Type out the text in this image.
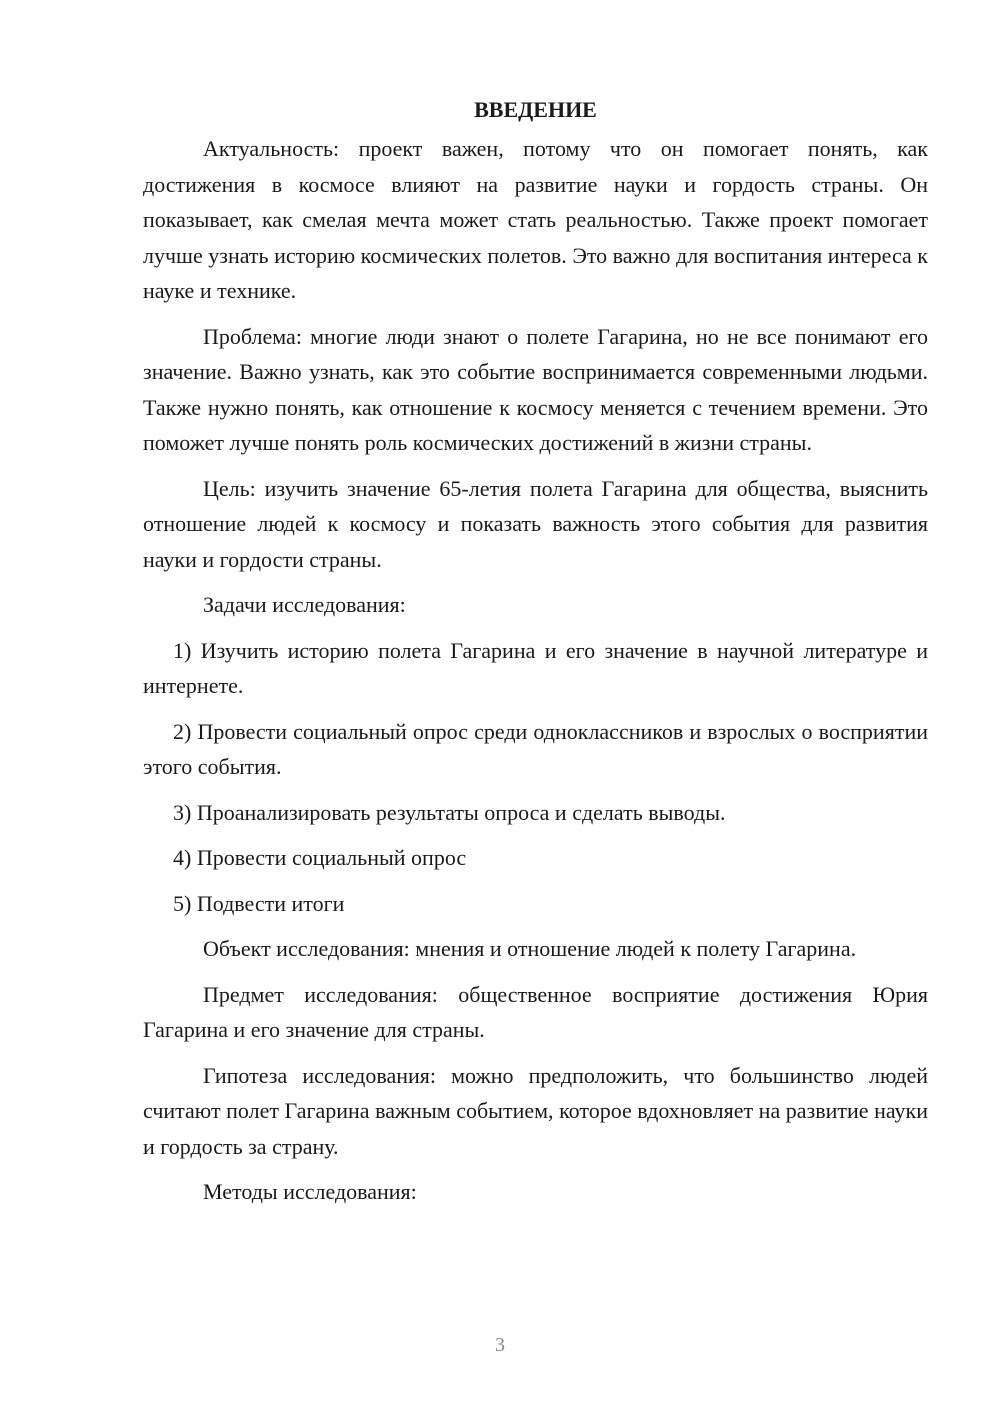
ВВЕДЕНИЕ

Актуальность: проект важен, потому что он помогает понять, как достижения в космосе влияют на развитие науки и гордость страны. Он показывает, как смелая мечта может стать реальностью. Также проект помогает лучше узнать историю космических полетов. Это важно для воспитания интереса к науке и технике.

Проблема: многие люди знают о полете Гагарина, но не все понимают его значение. Важно узнать, как это событие воспринимается современными людьми. Также нужно понять, как отношение к космосу меняется с течением времени. Это поможет лучше понять роль космических достижений в жизни страны.

Цель: изучить значение 65-летия полета Гагарина для общества, выяснить отношение людей к космосу и показать важность этого события для развития науки и гордости страны.

Задачи исследования:

1) Изучить историю полета Гагарина и его значение в научной литературе и интернете.

2) Провести социальный опрос среди одноклассников и взрослых о восприятии этого события.

3) Проанализировать результаты опроса и сделать выводы.

4) Провести социальный опрос

5) Подвести итоги

Объект исследования: мнения и отношение людей к полету Гагарина.

Предмет исследования: общественное восприятие достижения Юрия Гагарина и его значение для страны.

Гипотеза исследования: можно предположить, что большинство людей считают полет Гагарина важным событием, которое вдохновляет на развитие науки и гордость за страну.

Методы исследования:

3
